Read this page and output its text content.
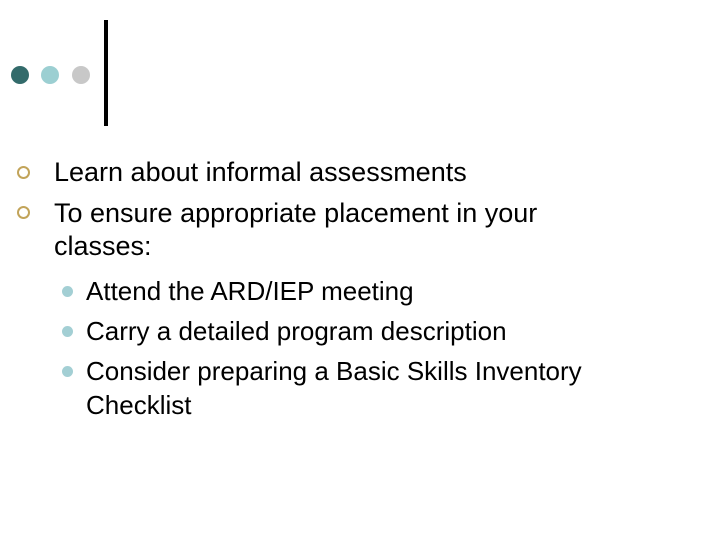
Learn about informal assessments
To ensure appropriate placement in your
classes:
Attend the ARD/IEP meeting
Carry a detailed program description
Consider preparing a Basic Skills Inventory
Checklist
